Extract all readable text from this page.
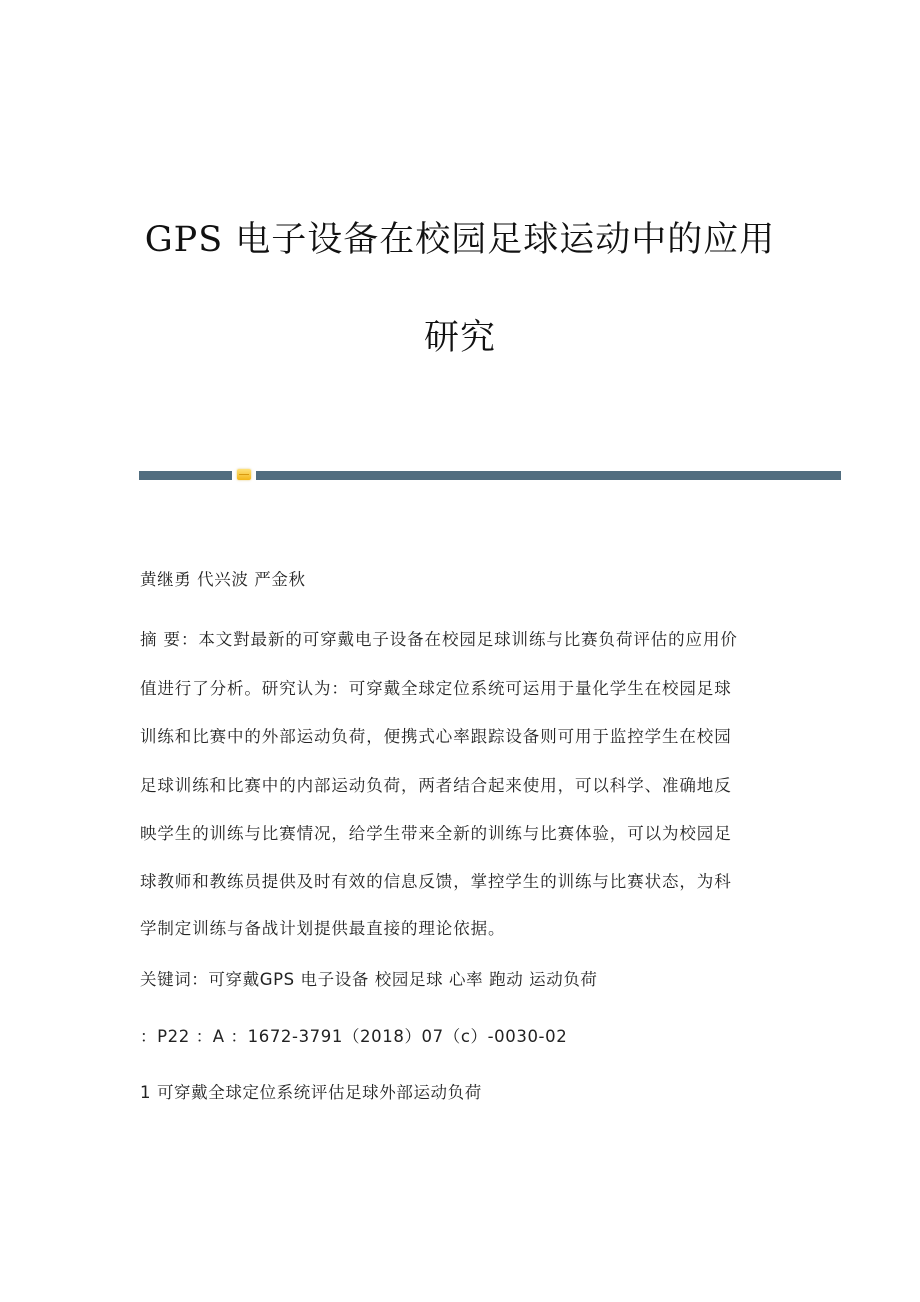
GPS 电子设备在校园足球运动中的应用
研究
黄继勇 代兴波 严金秋
摘 要：本文對最新的可穿戴电子设备在校园足球训练与比赛负荷评估的应用价
值进行了分析。研究认为：可穿戴全球定位系统可运用于量化学生在校园足球
训练和比赛中的外部运动负荷，便携式心率跟踪设备则可用于监控学生在校园
足球训练和比赛中的内部运动负荷，两者结合起来使用，可以科学、准确地反
映学生的训练与比赛情况，给学生带来全新的训练与比赛体验，可以为校园足
球教师和教练员提供及时有效的信息反馈，掌控学生的训练与比赛状态，为科
学制定训练与备战计划提供最直接的理论依据。
关键词：可穿戴GPS 电子设备 校园足球 心率 跑动 运动负荷
：P22 ：A ：1672-3791（2018）07（c）-0030-02
1 可穿戴全球定位系统评估足球外部运动负荷
